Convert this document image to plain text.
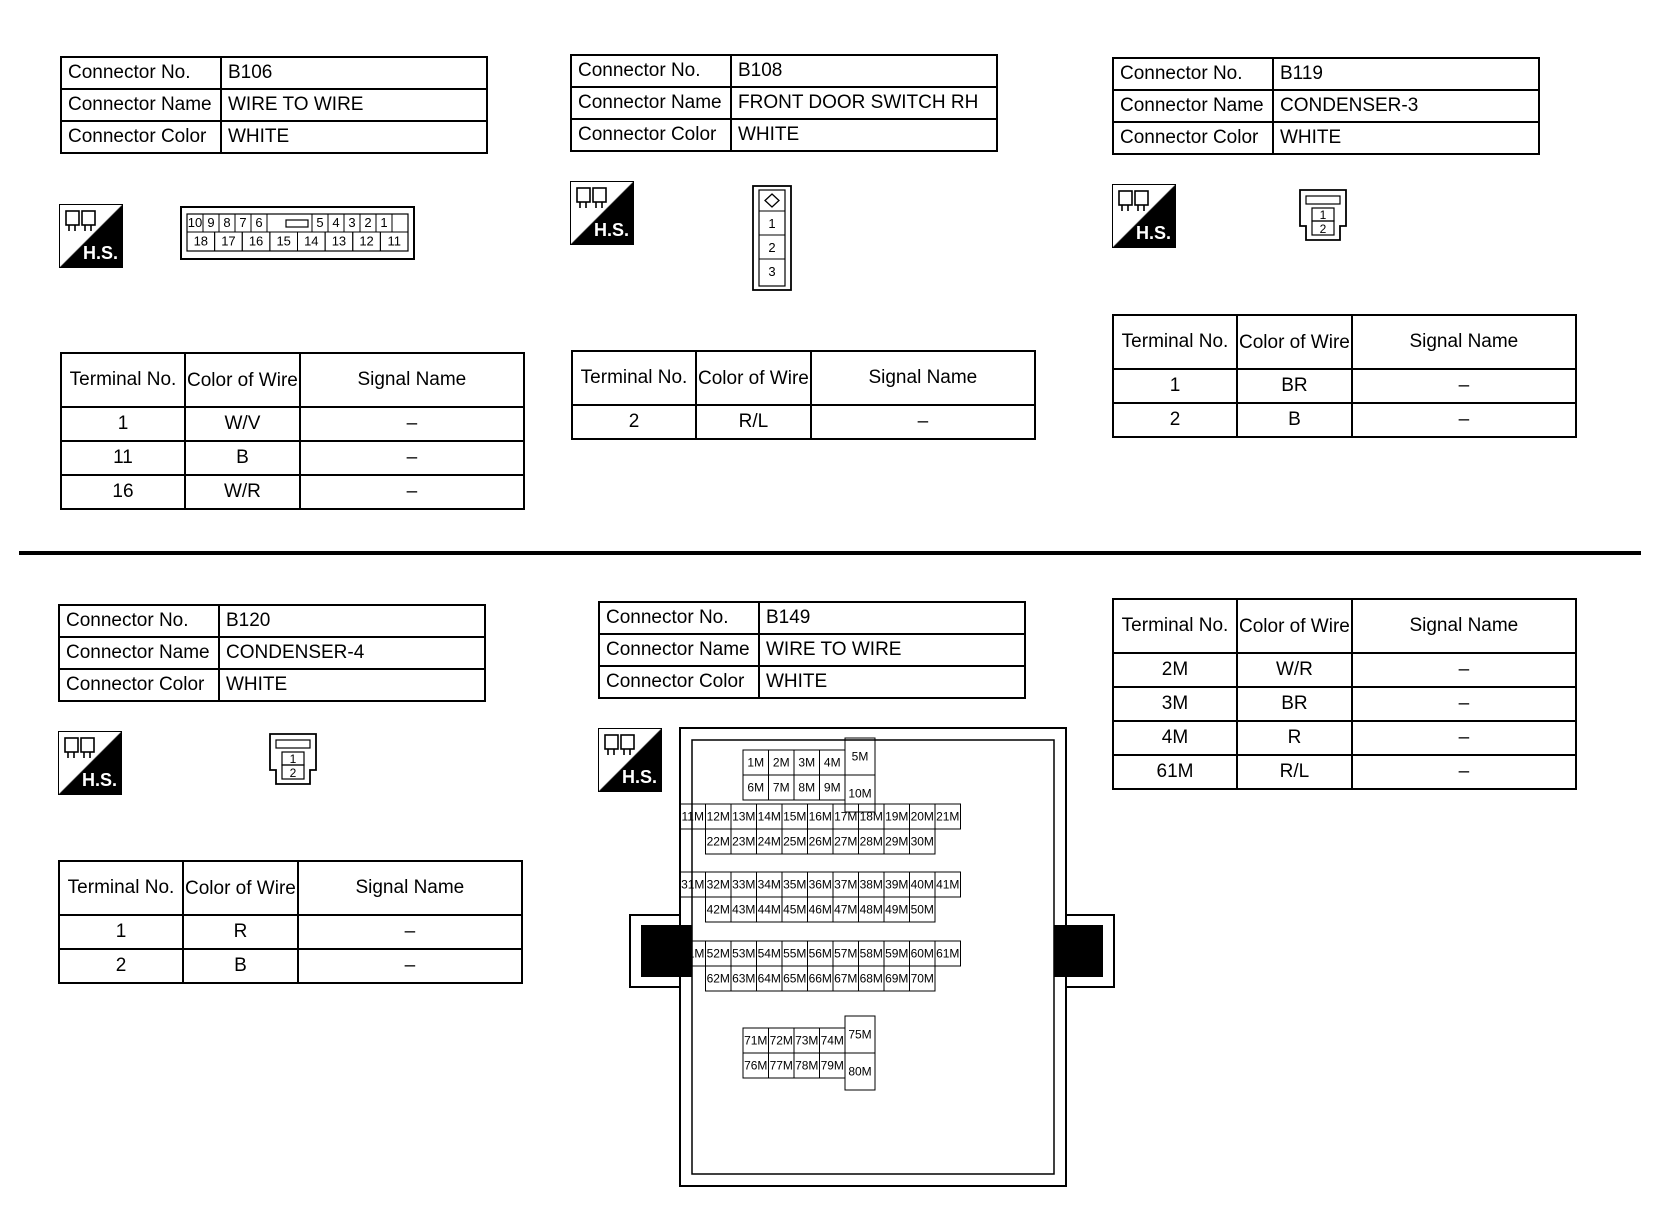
Connector No.	B106
Connector Name	WIRE TO WIRE
Connector Color	WHITE
H.S.
10 9 8 7 6	5 4 3 2 1
18 17 16 15 14 13 12 11
Terminal No.	Color of Wire	Signal Name
1	W/V	–
11	B	–
16	W/R	–
Connector No.	B108
Connector Name	FRONT DOOR SWITCH RH
Connector Color	WHITE
H.S.	1
2
3
Terminal No.	Color of Wire	Signal Name
2	R/L	–
Connector No.	B119
Connector Name	CONDENSER-3
Connector Color	WHITE
H.S.
1
2
Terminal No.	Color of Wire	Signal Name
1	BR	–
2	B	–
Connector No.	B120
Connector Name	CONDENSER-4
Connector Color	WHITE
H.S.
1
2
Terminal No.	Color of Wire	Signal Name
1	R	–
2	B	–
Connector No.	B149
Connector Name	WIRE TO WIRE
Connector Color	WHITE
H.S.
1M
6M
2M
7M
3M
8M
4M
9M
5M
10M
11M 12M 13M 14M 15M 16M 17M 18M 19M 20M 21M
22M 23M 24M 25M 26M 27M 28M 29M 30M
31M 32M 33M 34M 35M 36M 37M 38M 39M 40M 41M
42M 43M 44M 45M 46M 47M 48M 49M 50M
51M 52M 53M 54M 55M 56M 57M 58M 59M 60M 61M
62M 63M 64M 65M 66M 67M 68M 69M 70M
71M
76M
72M
77M
73M
78M
74M
79M
75M
80M
Terminal No.	Color of Wire	Signal Name
2M	W/R	–
3M	BR	–
4M	R	–
61M	R/L	–
